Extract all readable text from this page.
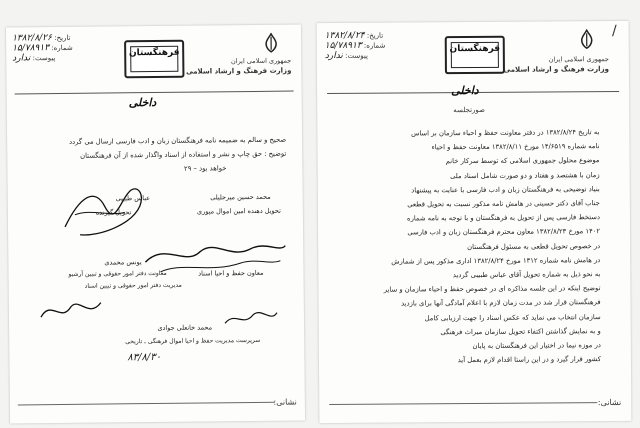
تاریخ: ۱۳۸۲/۸/۲۶
شماره: ۱۵/۷۸۹۱۳
پیوست: ندارد
فرهنگستان
جمهوری اسلامی ایران
وزارت فرهنگ و ارشاد اسلامی
داخلی
صحیح و سالم به ضمیمه نامه فرهنگستان زبان و ادب فارسی ارسال می گردد
توضیح : حق چاپ و نشر و استفاده از اسناد واگذار شده از آن فرهنگستان
خواهد بود – ۲۹
عباس طبیبی
تحویل گیرنده
محمد حسین میرجلیلی
تحویل دهنده امین اموال میوری
معاون حفظ و احیا اسناد
یونس محمدی
معاونت دفتر امور حقوقی و تبیین آرشیو
مدیریت دفتر امور حقوقی و تبیین اسناد
محمد خانعلی جوادی
سرپرست مدیریت حفظ و احیا اموال فرهنگی ـ تاریخی
۸۳/۸/۳۰
نشانی:
تاریخ: ۱۳۸۲/۸/۲۴
شماره: ۱۵/۷۸۹۱۳
پیوست: ندارد
فرهنگستان
/
جمهوری اسلامی ایران
وزارت فرهنگ و ارشاد اسلامی
داخلی
صورتجلسه
به تاریخ ۱۳۸۲/۸/۲۴ در دفتر معاونت حفظ و احیاء سازمان بر اساس
نامه شماره ۱۴/۶۵۱۹ مورخ ۱۳۸۲/۸/۱۱ معاونت حفظ و احیاء
موضوع محلول جمهوری اسلامی که توسط سرکار خانم
زمان با هشتصد و هفتاد و دو صورت شامل اسناد ملی
بنیاد توضیحی به فرهنگستان زبان و ادب فارسی با عنایت به پیشنهاد
جناب آقای دکتر حسینی در هامش نامه مذکور نسبت به تحویل قطعی
دستخط فارسی پس از تحویل به فرهنگستان و با توجه به نامه شماره
۱۴۰۲ مورخ ۱۳۸۲/۸/۲۳ معاون محترم فرهنگستان زبان و ادب فارسی
در خصوص تحویل قطعی به مسئول فرهنگستان
در هامش نامه شماره ۱۳۱۲ مورخ ۱۳۸۲/۸/۲۴ اداری مذکور پس از شمارش
به نحو ذیل به شماره تحویل آقای عباس طبیبی گردید
توضیح اینکه در این جلسه مذاکره ای در خصوص حفظ و احیاء سازمان و سایر
فرهنگستان قرار شد در مدت زمان لازم با اعلام آمادگی آنها برای بازدید
سازمان انتخاب می نماید که عکس اسناد را جهت ارزیابی کامل
و به نمایش گذاشتن اکتفاء تحویل سازمان میراث فرهنگی
در موزه نیما در اختیار این فرهنگستان به پایان
کشور قرار گیرد و در این راستا اقدام لازم بعمل آید
نشانی:
